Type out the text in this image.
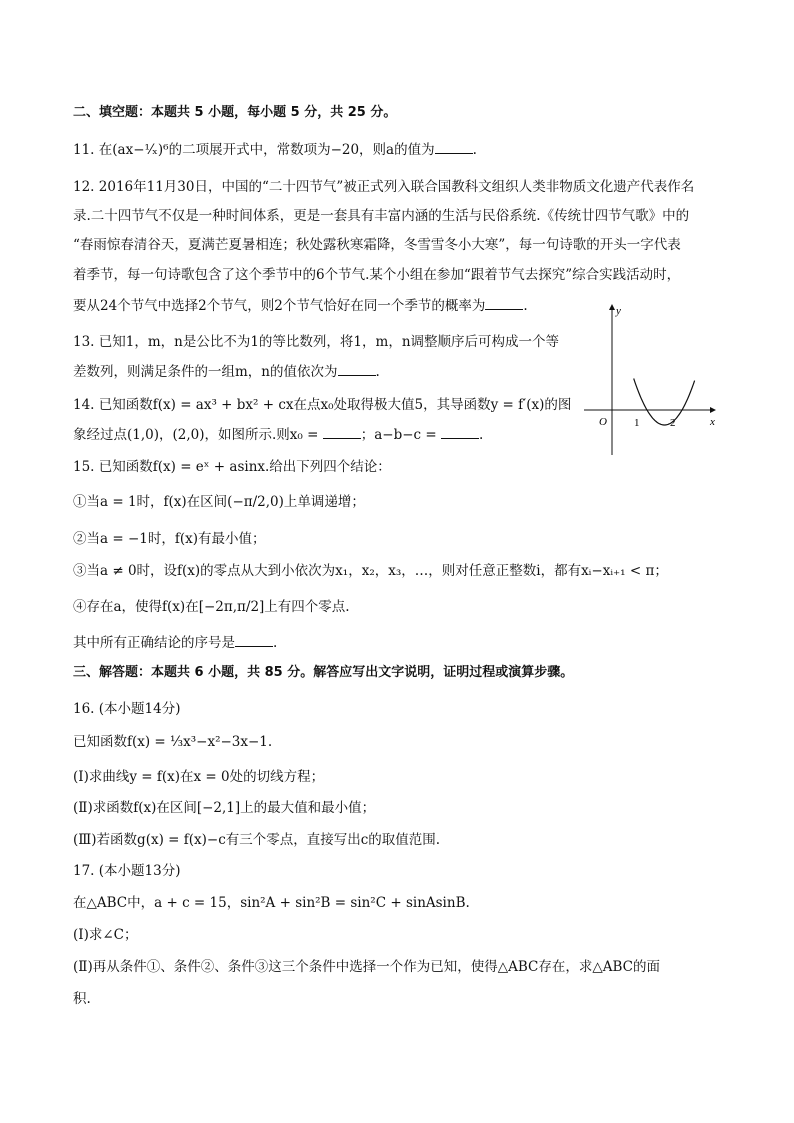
二、填空题：本题共 5 小题，每小题 5 分，共 25 分。
11. 在(ax−¹⁄ₓ)⁶的二项展开式中，常数项为−20，则a的值为	.
12. 2016年11月30日，中国的“二十四节气”被正式列入联合国教科文组织人类非物质文化遗产代表作名
录.二十四节气不仅是一种时间体系，更是一套具有丰富内涵的生活与民俗系统.《传统廿四节气歌》中的
“春雨惊春清谷天，夏满芒夏暑相连；秋处露秋寒霜降，冬雪雪冬小大寒”，每一句诗歌的开头一字代表
着季节，每一句诗歌包含了这个季节中的6个节气.某个小组在参加“跟着节气去探究”综合实践活动时，
要从24个节气中选择2个节气，则2个节气恰好在同一个季节的概率为	.
13. 已知1，m，n是公比不为1的等比数列，将1，m，n调整顺序后可构成一个等
差数列，则满足条件的一组m，n的值依次为	.
14. 已知函数f(x) = ax³ + bx² + cx在点x₀处取得极大值5，其导函数y = f′(x)的图
象经过点(1,0)，(2,0)，如图所示.则x₀ =	；a−b−c =	.
y
x
O 1	2
15. 已知函数f(x) = eˣ + asinx.给出下列四个结论：
①当a = 1时，f(x)在区间(−π/2,0)上单调递增；
②当a = −1时，f(x)有最小值；
③当a ≠ 0时，设f(x)的零点从大到小依次为x₁，x₂，x₃，…，则对任意正整数i，都有xᵢ−xᵢ₊₁ < π；
④存在a，使得f(x)在[−2π,π/2]上有四个零点.
其中所有正确结论的序号是	.
三、解答题：本题共 6 小题，共 85 分。解答应写出文字说明，证明过程或演算步骤。
16. (本小题14分)
已知函数f(x) = ⅓x³−x²−3x−1.
(Ⅰ)求曲线y = f(x)在x = 0处的切线方程；
(Ⅱ)求函数f(x)在区间[−2,1]上的最大值和最小值；
(Ⅲ)若函数g(x) = f(x)−c有三个零点，直接写出c的取值范围.
17. (本小题13分)
在△ABC中，a + c = 15，sin²A + sin²B = sin²C + sinAsinB.
(Ⅰ)求∠C；
(Ⅱ)再从条件①、条件②、条件③这三个条件中选择一个作为已知，使得△ABC存在，求△ABC的面
积.
